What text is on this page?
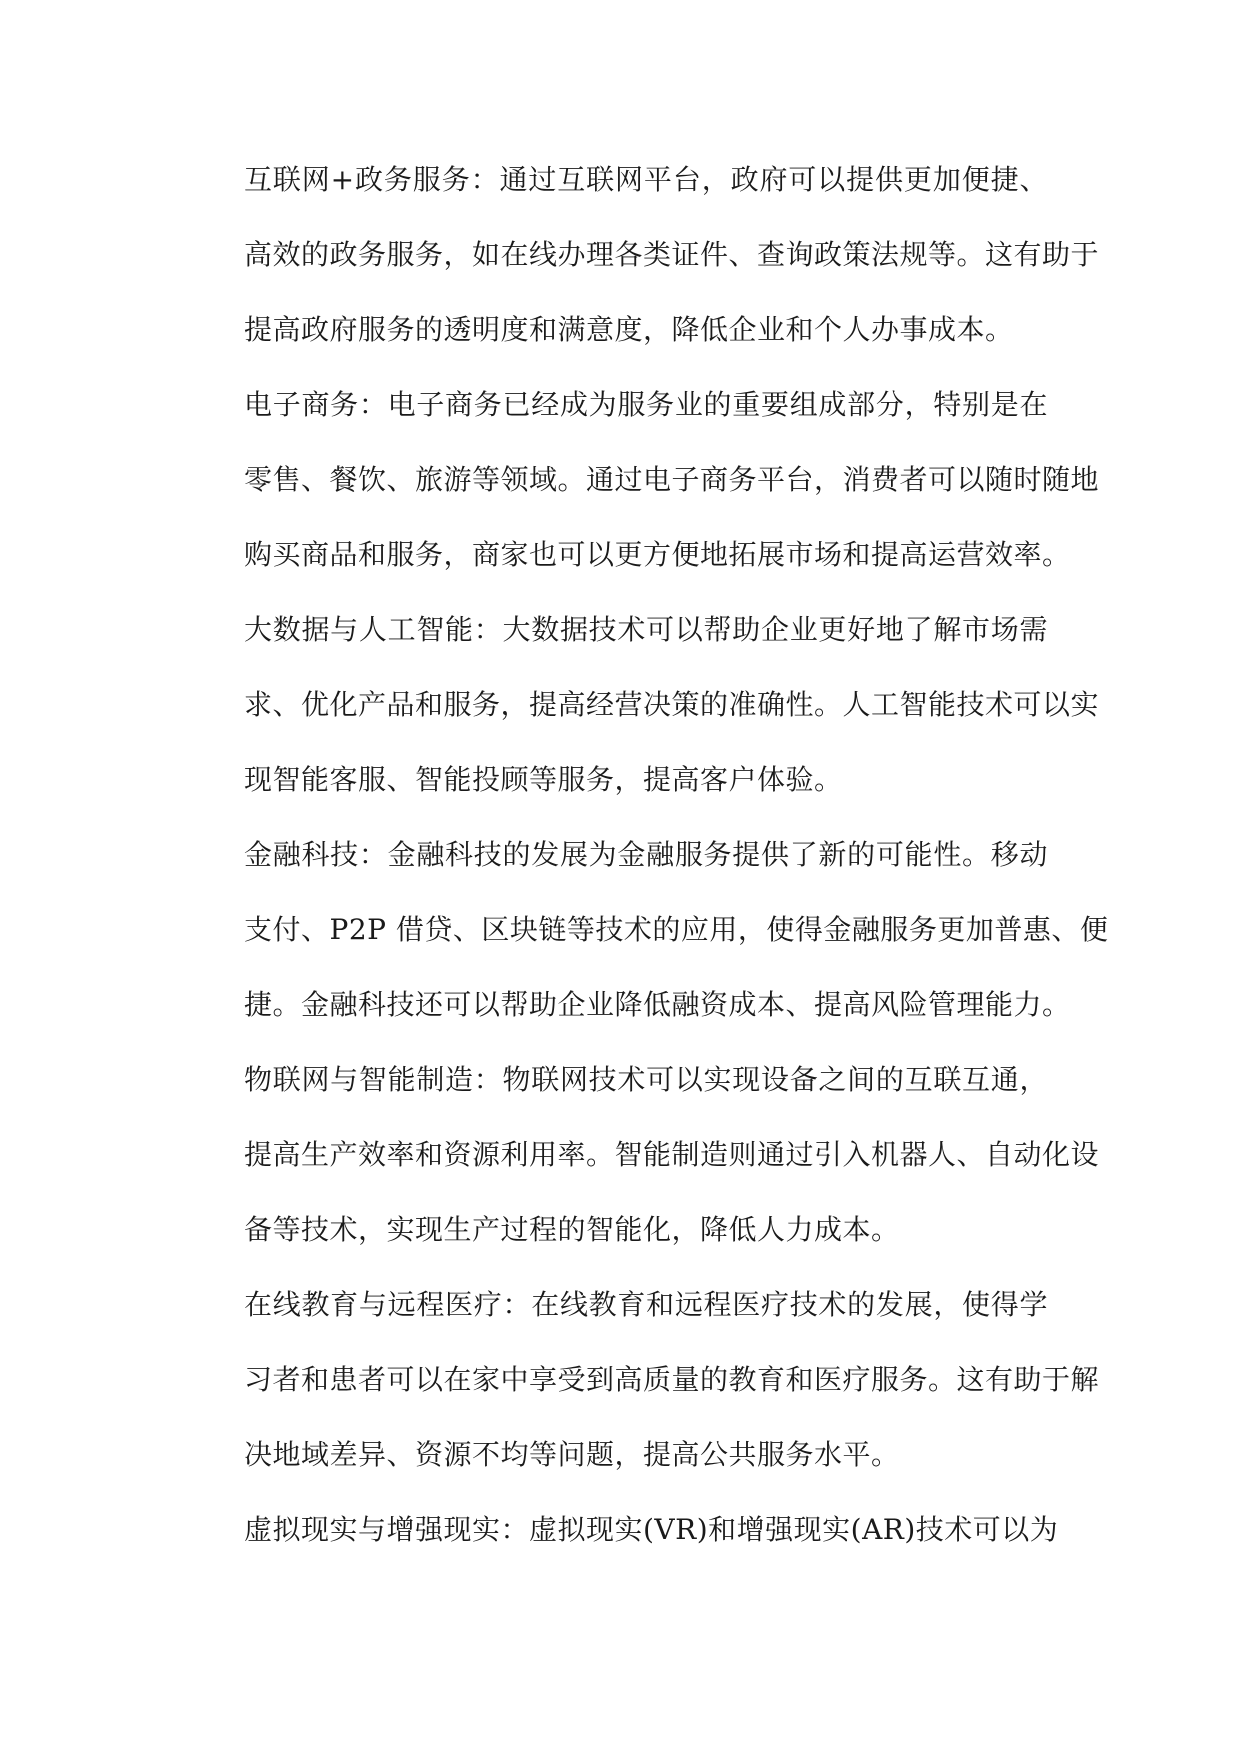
互联网+政务服务：通过互联网平台，政府可以提供更加便捷、
高效的政务服务，如在线办理各类证件、查询政策法规等。这有助于
提高政府服务的透明度和满意度，降低企业和个人办事成本。

电子商务：电子商务已经成为服务业的重要组成部分，特别是在
零售、餐饮、旅游等领域。通过电子商务平台，消费者可以随时随地
购买商品和服务，商家也可以更方便地拓展市场和提高运营效率。

大数据与人工智能：大数据技术可以帮助企业更好地了解市场需
求、优化产品和服务，提高经营决策的准确性。人工智能技术可以实
现智能客服、智能投顾等服务，提高客户体验。

金融科技：金融科技的发展为金融服务提供了新的可能性。移动
支付、P2P 借贷、区块链等技术的应用，使得金融服务更加普惠、便
捷。金融科技还可以帮助企业降低融资成本、提高风险管理能力。

物联网与智能制造：物联网技术可以实现设备之间的互联互通，
提高生产效率和资源利用率。智能制造则通过引入机器人、自动化设
备等技术，实现生产过程的智能化，降低人力成本。

在线教育与远程医疗：在线教育和远程医疗技术的发展，使得学
习者和患者可以在家中享受到高质量的教育和医疗服务。这有助于解
决地域差异、资源不均等问题，提高公共服务水平。

虚拟现实与增强现实：虚拟现实(VR)和增强现实(AR)技术可以为
